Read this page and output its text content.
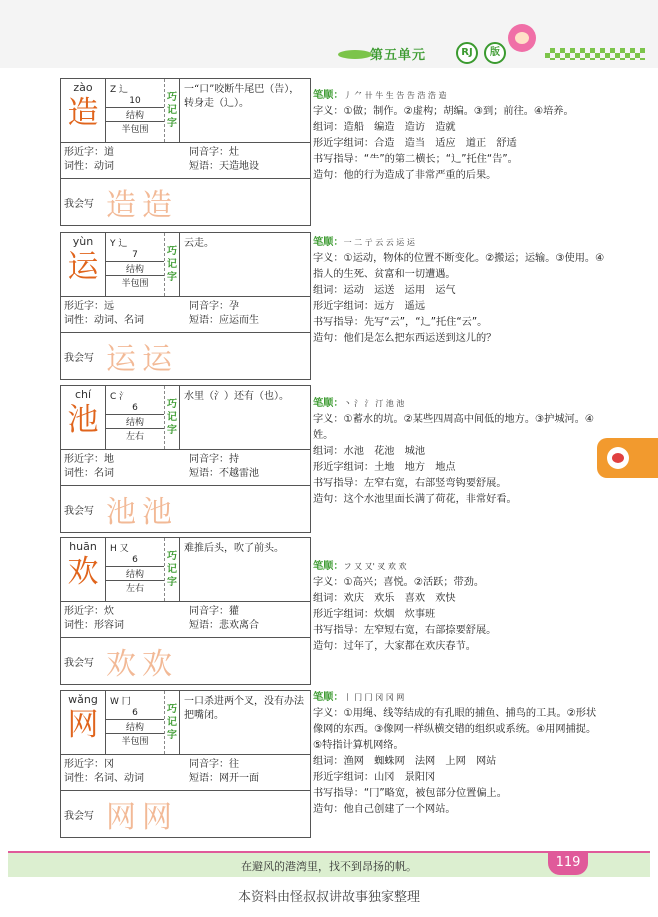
第五单元	RJ	版
zào
造
Z 辶
10
结构
半包围
巧
记
字
一“口”咬断牛尾巴（告），转身走（辶）。
形近字：道	同音字：灶
词性：动词	短语：天造地设
我会写 造造
笔顺：丿 ⺈ 卄 牛 生 告 告 浩 浩 造
字义：①做；制作。②虚构；胡编。③到；前往。④培养。
组词：造船　编造　造访　造就
形近字组词：合造　造当　适应　道正　舒适
书写指导：“⺧”的第二横长；“辶”托住“告”。
造句：他的行为造成了非常严重的后果。
yùn
运
Y 辶
7
结构
半包围
巧
记
字
云走。
形近字：远	同音字：孕
词性：动词、名词	短语：应运而生
我会写 运运
笔顺：一 二 亍 云 云 运 运
字义：①运动，物体的位置不断变化。②搬运；运输。③使用。④指人的生死、贫富和一切遭遇。
组词：运动　运送　运用　运气
形近字组词：远方　遥远
书写指导：先写“云”，“辶”托住“云”。
造句：他们是怎么把东西运送到这儿的？
chí
池
C 氵
6
结构
左右
巧
记
字
水里（氵）还有（也）。
形近字：地	同音字：持
词性：名词	短语：不越雷池
我会写 池池
笔顺：丶 氵 氵 汀 池 池
字义：①蓄水的坑。②某些四周高中间低的地方。③护城河。④姓。
组词：水池　花池　城池
形近字组词：土地　地方　地点
书写指导：左窄右宽，右部竖弯钩要舒展。
造句：这个水池里面长满了荷花，非常好看。
huān
欢
H 又
6
结构
左右
巧
记
字
难推后头，吹了前头。
形近字：炊	同音字：獾
词性：形容词	短语：悲欢离合
我会写 欢欢
笔顺：フ 又 又' 㕚 欢 欢
字义：①高兴；喜悦。②活跃；带劲。
组词：欢庆　欢乐　喜欢　欢快
形近字组词：炊烟　炊事班
书写指导：左窄短右宽，右部捺要舒展。
造句：过年了，大家都在欢庆春节。
wǎng
网
W 冂
6
结构
半包围
巧
记
字
一口杀进两个叉，没有办法把嘴闭。
形近字：冈	同音字：往
词性：名词、动词	短语：网开一面
我会写 网网
笔顺：丨 冂 冂 冈 冈 网
字义：①用绳、线等结成的有孔眼的捕鱼、捕鸟的工具。②形状像网的东西。③像网一样纵横交错的组织或系统。④用网捕捉。⑤特指计算机网络。
组词：渔网　蜘蛛网　法网　上网　网站
形近字组词：山冈　景阳冈
书写指导：“冂”略宽，被包部分位置偏上。
造句：他自己创建了一个网站。
在避风的港湾里，找不到昂扬的帆。	119
本资料由怪叔叔讲故事独家整理
